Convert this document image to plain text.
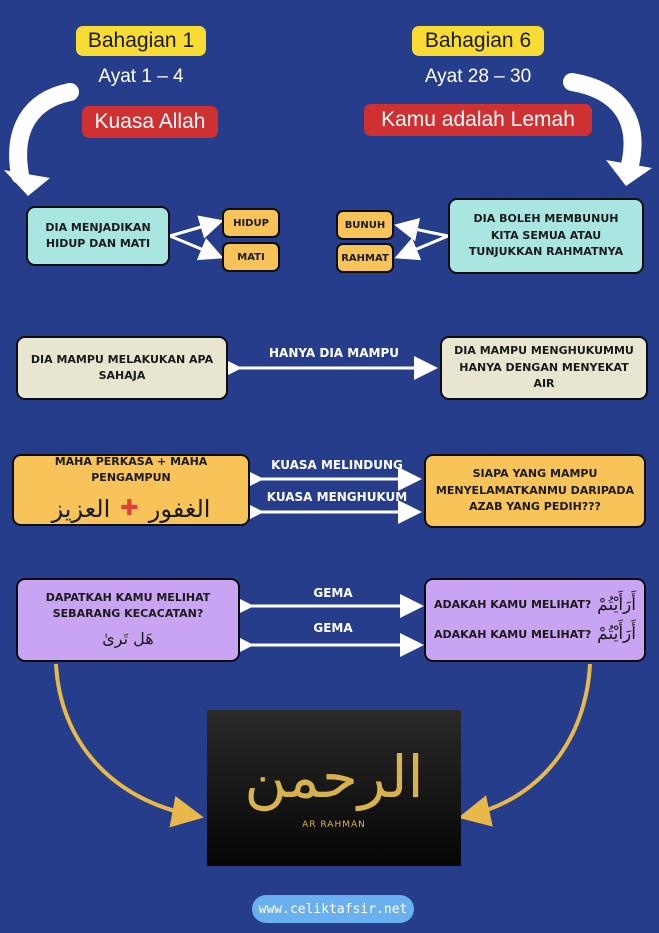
Bahagian 1
Ayat 1 – 4
Kuasa Allah
Bahagian 6
Ayat 28 – 30
Kamu adalah Lemah
DIA MENJADIKAN HIDUP DAN MATI
HIDUP
MATI
DIA BOLEH MEMBUNUH KITA SEMUA ATAU TUNJUKKAN RAHMATNYA
BUNUH
RAHMAT
DIA MAMPU MELAKUKAN APA SAHAJA
HANYA DIA MAMPU	DIA MAMPU MENGHUKUMMU HANYA DENGAN MENYEKAT AIR
MAHA PERKASA + MAHA PENGAMPUN
العزيز ✚ الغفور
KUASA MELINDUNG
KUASA MENGHUKUM
SIAPA YANG MAMPU MENYELAMATKANMU DARIPADA AZAB YANG PEDIH???
DAPATKAH KAMU MELIHAT SEBARANG KECACATAN?
هَل تَرىٰ
GEMA
GEMA
ADAKAH KAMU MELIHAT? أَرَأَيْتُمْ
ADAKAH KAMU MELIHAT? أَرَأَيْتُمْ
الرحمن
AR RAHMAN
www.celiktafsir.net
